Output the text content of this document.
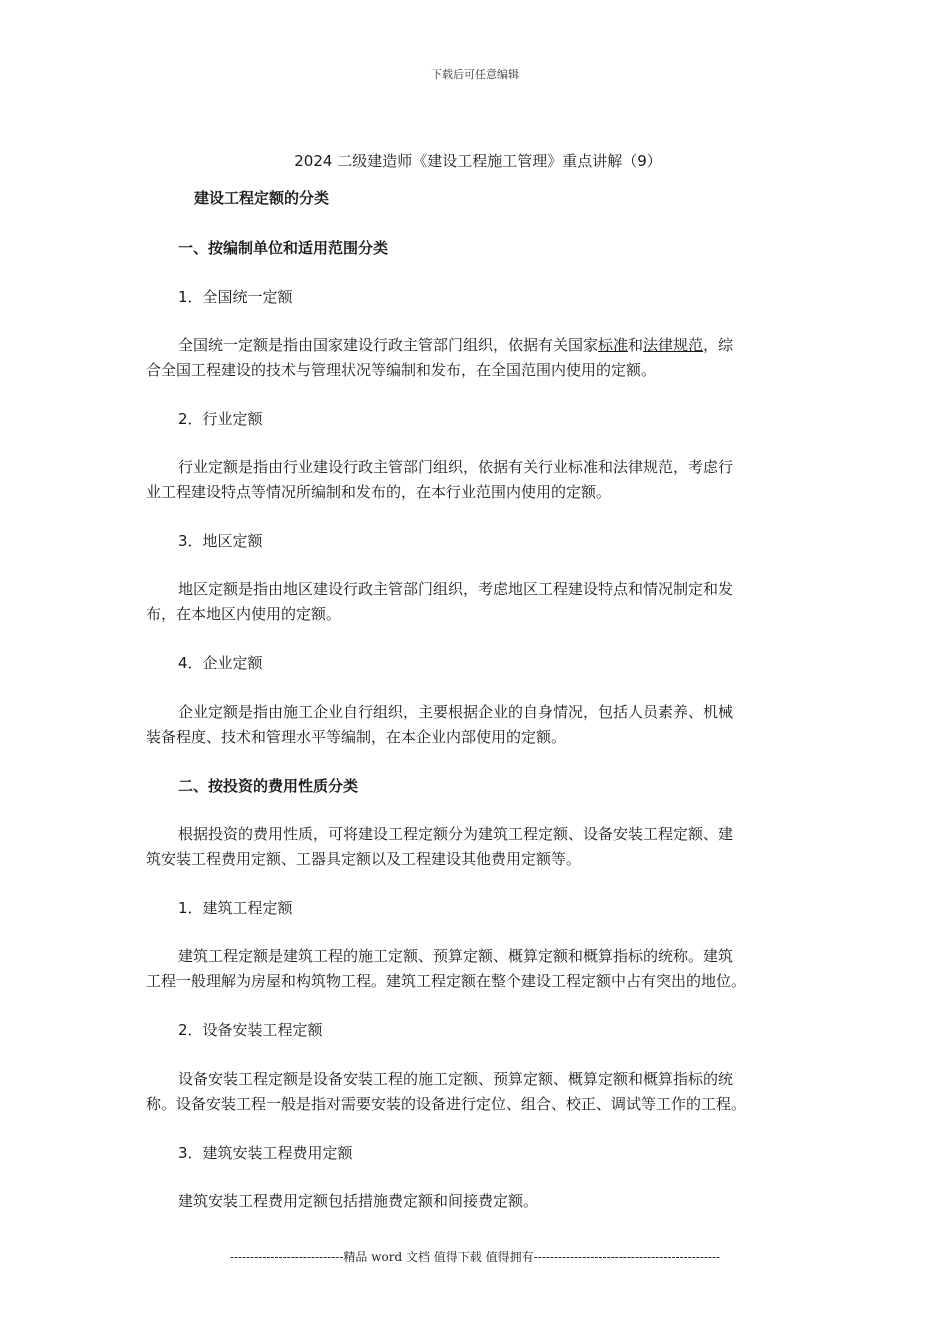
下载后可任意编辑
2024 二级建造师《建设工程施工管理》重点讲解（9）
建设工程定额的分类
一、按编制单位和适用范围分类
1．全国统一定额
全国统一定额是指由国家建设行政主管部门组织，依据有关国家标准和法律规范，综
合全国工程建设的技术与管理状况等编制和发布，在全国范围内使用的定额。
2．行业定额
行业定额是指由行业建设行政主管部门组织，依据有关行业标准和法律规范，考虑行
业工程建设特点等情况所编制和发布的，在本行业范围内使用的定额。
3．地区定额
地区定额是指由地区建设行政主管部门组织，考虑地区工程建设特点和情况制定和发
布，在本地区内使用的定额。
4．企业定额
企业定额是指由施工企业自行组织，主要根据企业的自身情况，包括人员素养、机械
装备程度、技术和管理水平等编制，在本企业内部使用的定额。
二、按投资的费用性质分类
根据投资的费用性质，可将建设工程定额分为建筑工程定额、设备安装工程定额、建
筑安装工程费用定额、工器具定额以及工程建设其他费用定额等。
1．建筑工程定额
建筑工程定额是建筑工程的施工定额、预算定额、概算定额和概算指标的统称。建筑
工程一般理解为房屋和构筑物工程。建筑工程定额在整个建设工程定额中占有突出的地位。
2．设备安装工程定额
设备安装工程定额是设备安装工程的施工定额、预算定额、概算定额和概算指标的统
称。设备安装工程一般是指对需要安装的设备进行定位、组合、校正、调试等工作的工程。
3．建筑安装工程费用定额
建筑安装工程费用定额包括措施费定额和间接费定额。
----------------------------精品 word 文档 值得下载 值得拥有----------------------------------------------
